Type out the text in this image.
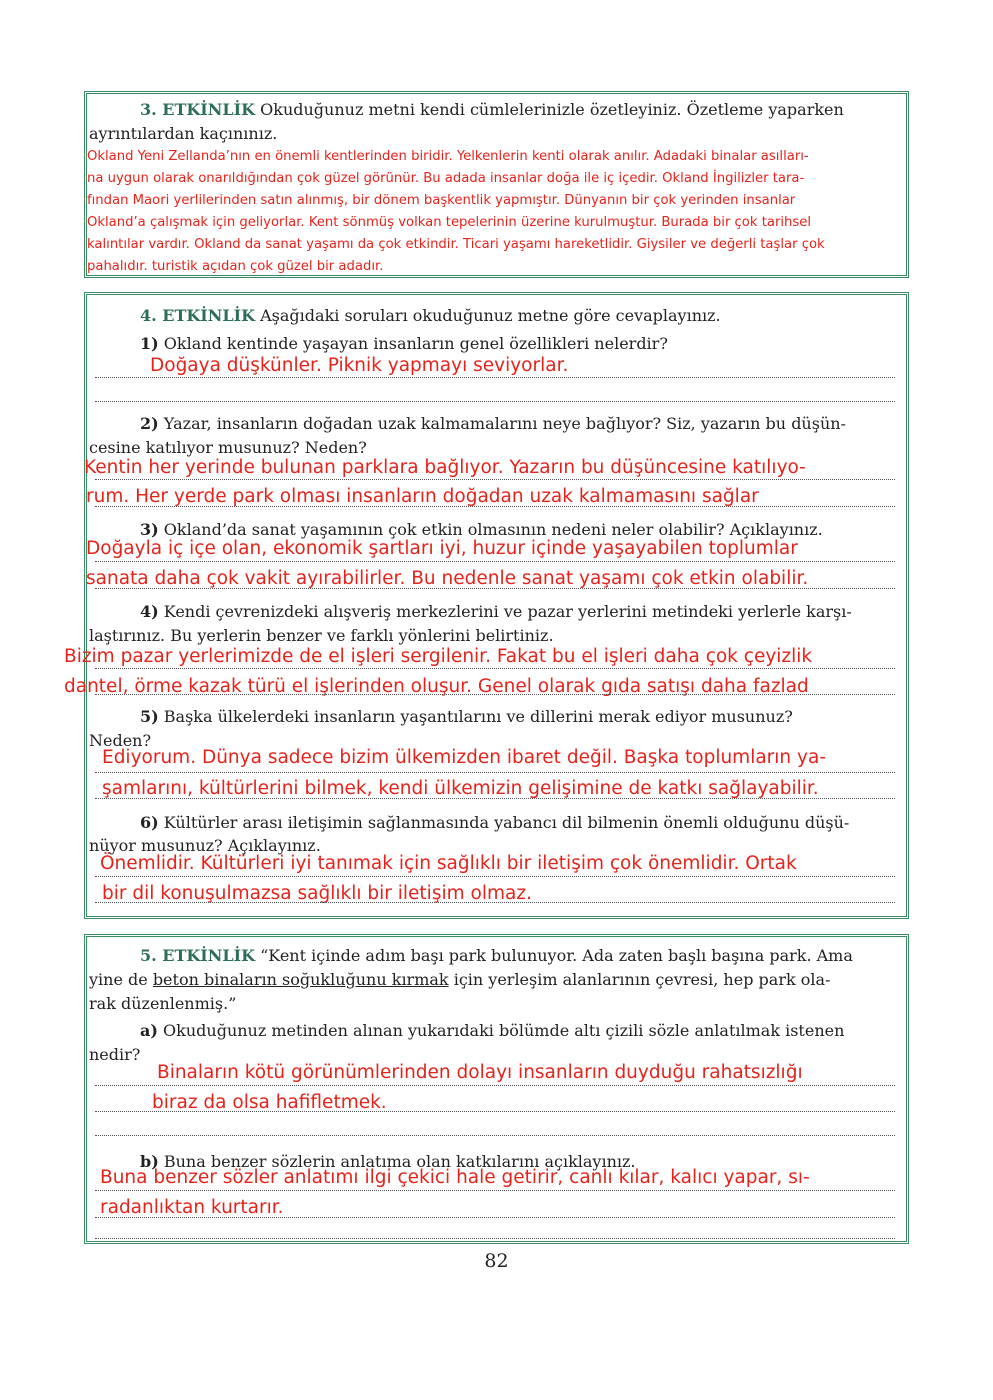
3. ETKİNLİK Okuduğunuz metni kendi cümlelerinizle özetleyiniz. Özetleme yaparken
ayrıntılardan kaçınınız.
Okland Yeni Zellanda’nın en önemli kentlerinden biridir. Yelkenlerin kenti olarak anılır. Adadaki binalar asılları-
na uygun olarak onarıldığından çok güzel görünür. Bu adada insanlar doğa ile iç içedir. Okland İngilizler tara-
fından Maori yerlilerinden satın alınmış, bir dönem başkentlik yapmıştır. Dünyanın bir çok yerinden insanlar
Okland’a çalışmak için geliyorlar. Kent sönmüş volkan tepelerinin üzerine kurulmuştur. Burada bir çok tarihsel
kalıntılar vardır. Okland da sanat yaşamı da çok etkindir. Ticari yaşamı hareketlidir. Giysiler ve değerli taşlar çok
pahalıdır. turistik açıdan çok güzel bir adadır.
4. ETKİNLİK Aşağıdaki soruları okuduğunuz metne göre cevaplayınız.
1) Okland kentinde yaşayan insanların genel özellikleri nelerdir?
Doğaya düşkünler. Piknik yapmayı seviyorlar.
2) Yazar, insanların doğadan uzak kalmamalarını neye bağlıyor? Siz, yazarın bu düşün-
cesine katılıyor musunuz? Neden?
Kentin her yerinde bulunan parklara bağlıyor. Yazarın bu düşüncesine katılıyo-
rum. Her yerde park olması insanların doğadan uzak kalmamasını sağlar
3) Okland’da sanat yaşamının çok etkin olmasının nedeni neler olabilir? Açıklayınız.
Doğayla iç içe olan, ekonomik şartları iyi, huzur içinde yaşayabilen toplumlar
sanata daha çok vakit ayırabilirler. Bu nedenle sanat yaşamı çok etkin olabilir.
4) Kendi çevrenizdeki alışveriş merkezlerini ve pazar yerlerini metindeki yerlerle karşı-
laştırınız. Bu yerlerin benzer ve farklı yönlerini belirtiniz.
Bizim pazar yerlerimizde de el işleri sergilenir. Fakat bu el işleri daha çok çeyizlik
dantel, örme kazak türü el işlerinden oluşur. Genel olarak gıda satışı daha fazlad
5) Başka ülkelerdeki insanların yaşantılarını ve dillerini merak ediyor musunuz?
Neden?
Ediyorum. Dünya sadece bizim ülkemizden ibaret değil. Başka toplumların ya-
şamlarını, kültürlerini bilmek, kendi ülkemizin gelişimine de katkı sağlayabilir.
6) Kültürler arası iletişimin sağlanmasında yabancı dil bilmenin önemli olduğunu düşü-
nüyor musunuz? Açıklayınız.
Önemlidir. Kültürleri iyi tanımak için sağlıklı bir iletişim çok önemlidir. Ortak
bir dil konuşulmazsa sağlıklı bir iletişim olmaz.
5. ETKİNLİK “Kent içinde adım başı park bulunuyor. Ada zaten başlı başına park. Ama
yine de beton binaların soğukluğunu kırmak için yerleşim alanlarının çevresi, hep park ola-
rak düzenlenmiş.”
a) Okuduğunuz metinden alınan yukarıdaki bölümde altı çizili sözle anlatılmak istenen
nedir?
Binaların kötü görünümlerinden dolayı insanların duyduğu rahatsızlığı
biraz da olsa hafifletmek.
b) Buna benzer sözlerin anlatıma olan katkılarını açıklayınız.
Buna benzer sözler anlatımı ilgi çekici hale getirir, canlı kılar, kalıcı yapar, sı-
radanlıktan kurtarır.
82
